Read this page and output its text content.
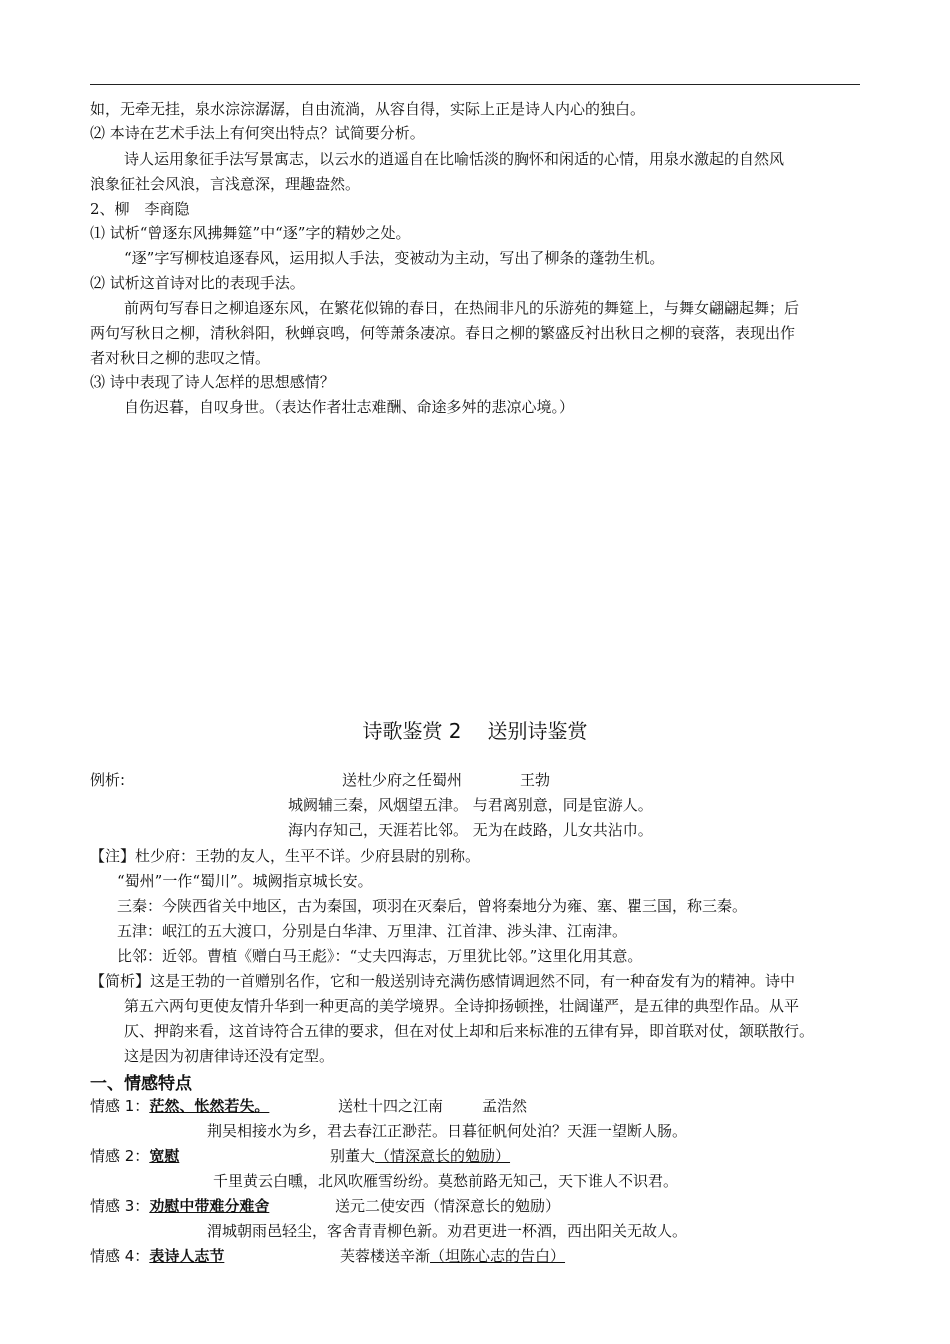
如，无牵无挂，泉水淙淙潺潺，自由流淌，从容自得，实际上正是诗人内心的独白。
⑵ 本诗在艺术手法上有何突出特点？试简要分析。
诗人运用象征手法写景寓志，以云水的逍遥自在比喻恬淡的胸怀和闲适的心情，用泉水激起的自然风
浪象征社会风浪，言浅意深，理趣盎然。
2、柳　李商隐
⑴ 试析“曾逐东风拂舞筵”中“逐”字的精妙之处。
“逐”字写柳枝追逐春风，运用拟人手法，变被动为主动，写出了柳条的蓬勃生机。
⑵ 试析这首诗对比的表现手法。
前两句写春日之柳追逐东风，在繁花似锦的春日，在热闹非凡的乐游苑的舞筵上，与舞女翩翩起舞；后
两句写秋日之柳，清秋斜阳，秋蝉哀鸣，何等萧条凄凉。春日之柳的繁盛反衬出秋日之柳的衰落，表现出作
者对秋日之柳的悲叹之情。
⑶ 诗中表现了诗人怎样的思想感情？
自伤迟暮，自叹身世。（表达作者壮志难酬、命途多舛的悲凉心境。）
诗歌鉴赏 2 送别诗鉴赏
例析:	送杜少府之任蜀州	王勃
城阙辅三秦，风烟望五津。 与君离别意，同是宦游人。
海内存知己，天涯若比邻。 无为在歧路，儿女共沾巾。
【注】杜少府：王勃的友人，生平不详。少府县尉的别称。
“蜀州”一作“蜀川”。城阙指京城长安。
三秦：今陕西省关中地区，古为秦国，项羽在灭秦后，曾将秦地分为雍、塞、瞿三国，称三秦。
五津：岷江的五大渡口，分别是白华津、万里津、江首津、涉头津、江南津。
比邻：近邻。曹植《赠白马王彪》：“丈夫四海志，万里犹比邻。”这里化用其意。
【简析】这是王勃的一首赠别名作，它和一般送别诗充满伤感情调迥然不同，有一种奋发有为的精神。诗中
第五六两句更使友情升华到一种更高的美学境界。全诗抑扬顿挫，壮阔谨严，是五律的典型作品。从平
仄、押韵来看，这首诗符合五律的要求，但在对仗上却和后来标准的五律有异，即首联对仗，颔联散行。
这是因为初唐律诗还没有定型。
一、情感特点
情感 1：茫然、怅然若失。	送杜十四之江南	孟浩然
荆吴相接水为乡，君去春江正渺茫。日暮征帆何处泊？天涯一望断人肠。
情感 2：宽慰	别董大（情深意长的勉励）
千里黄云白曛，北风吹雁雪纷纷。莫愁前路无知己，天下谁人不识君。
情感 3：劝慰中带难分难舍	送元二使安西（情深意长的勉励）
渭城朝雨邑轻尘，客舍青青柳色新。劝君更进一杯酒，西出阳关无故人。
情感 4：表诗人志节	芙蓉楼送辛渐（坦陈心志的告白）
